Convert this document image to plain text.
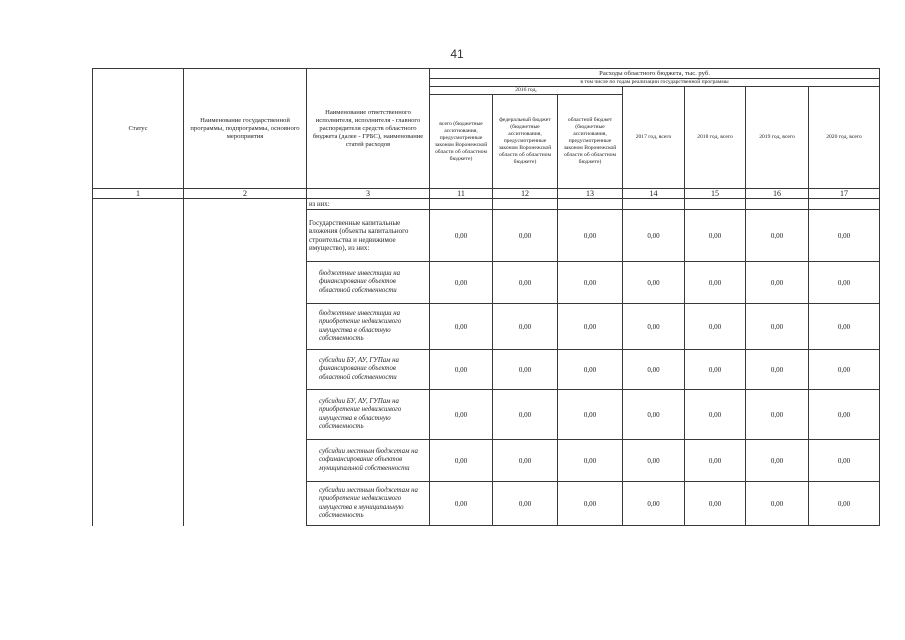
41
Статус	Наименование государственной программы, подпрограммы, основного мероприятия	Наименование ответственного исполнителя, исполнителя - главного распорядителя средств областного бюджета (далее - ГРБС), наименование статей расходов	Расходы областного бюджета, тыс. руб.						
			в том числе по годам реализации государственной программы						
			2016 год,			2017 год, всего	2018 год, всего	2019 год, всего	2020 год, всего
			всего (бюджетные ассигнования, предусмотренные законом Воронежской области об областном бюджете)	федеральный бюджет (бюджетные ассигнования, предусмотренные законом Воронежской области об областном бюджете)	областной бюджет (бюджетные ассигнования, предусмотренные законом Воронежской области об областном бюджете)				
1	2	3	11	12	13	14	15	16	17
		из них:							
		Государственные капитальные вложения (объекты капитального строительства и недвижимое имущество), из них:	0,00	0,00	0,00	0,00	0,00	0,00	0,00
		бюджетные инвестиции на финансирование объектов областной собственности	0,00	0,00	0,00	0,00	0,00	0,00	0,00
		бюджетные инвестиции на приобретение недвижимого имущества в областную собственность	0,00	0,00	0,00	0,00	0,00	0,00	0,00
		субсидии БУ, АУ, ГУПам на финансирование объектов областной собственности	0,00	0,00	0,00	0,00	0,00	0,00	0,00
		субсидии БУ, АУ, ГУПам на приобретение недвижимого имущества в областную собственность	0,00	0,00	0,00	0,00	0,00	0,00	0,00
		субсидии местным бюджетам на софинансирование объектов муниципальной собственности	0,00	0,00	0,00	0,00	0,00	0,00	0,00
		субсидии местным бюджетам на приобретение недвижимого имущества в муниципальную собственность	0,00	0,00	0,00	0,00	0,00	0,00	0,00
